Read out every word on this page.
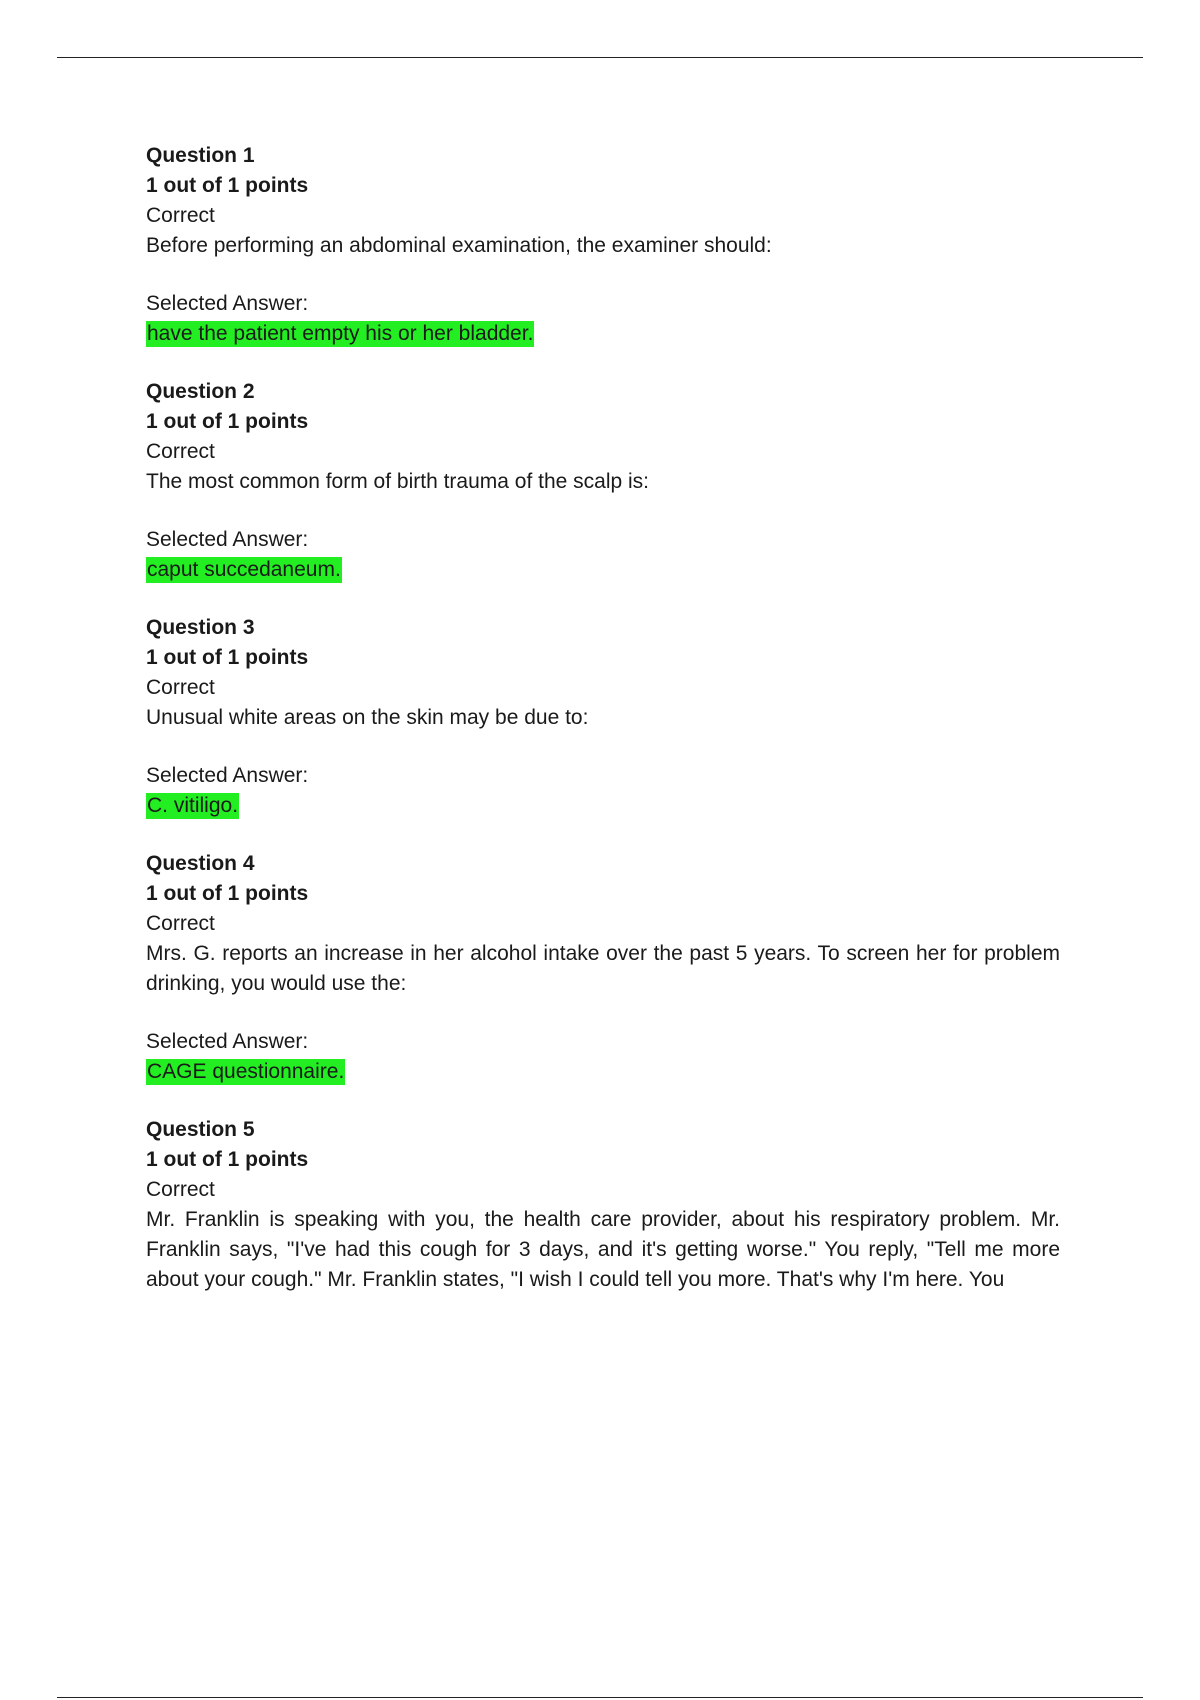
Question 1
1 out of 1 points
Correct
Before performing an abdominal examination, the examiner should:
Selected Answer:
have the patient empty his or her bladder.
Question 2
1 out of 1 points
Correct
The most common form of birth trauma of the scalp is:
Selected Answer:
caput succedaneum.
Question 3
1 out of 1 points
Correct
Unusual white areas on the skin may be due to:
Selected Answer:
C. vitiligo.
Question 4
1 out of 1 points
Correct
Mrs. G. reports an increase in her alcohol intake over the past 5 years. To screen her for problem drinking, you would use the:
Selected Answer:
CAGE questionnaire.
Question 5
1 out of 1 points
Correct
Mr. Franklin is speaking with you, the health care provider, about his respiratory problem. Mr. Franklin says, "I've had this cough for 3 days, and it's getting worse." You reply, "Tell me more about your cough." Mr. Franklin states, "I wish I could tell you more. That's why I'm here. You
